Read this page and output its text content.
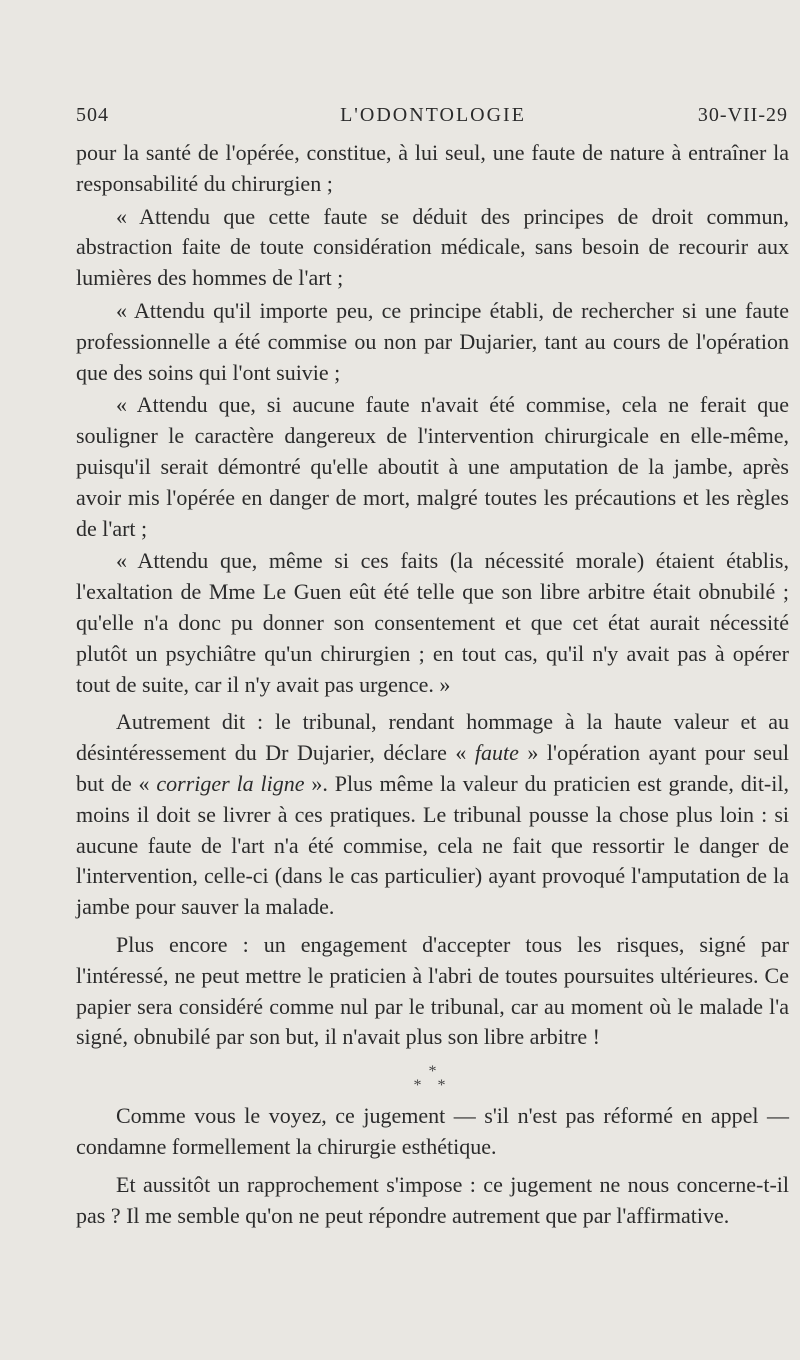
504	L'ODONTOLOGIE	30-VII-29

pour la santé de l'opérée, constitue, à lui seul, une faute de nature à entraîner la responsabilité du chirurgien ;

« Attendu que cette faute se déduit des principes de droit commun, abstraction faite de toute considération médicale, sans besoin de recourir aux lumières des hommes de l'art ;

« Attendu qu'il importe peu, ce principe établi, de rechercher si une faute professionnelle a été commise ou non par Dujarier, tant au cours de l'opération que des soins qui l'ont suivie ;

« Attendu que, si aucune faute n'avait été commise, cela ne ferait que souligner le caractère dangereux de l'intervention chirurgicale en elle-même, puisqu'il serait démontré qu'elle aboutit à une amputation de la jambe, après avoir mis l'opérée en danger de mort, malgré toutes les précautions et les règles de l'art ;

« Attendu que, même si ces faits (la nécessité morale) étaient établis, l'exaltation de Mme Le Guen eût été telle que son libre arbitre était obnubilé ; qu'elle n'a donc pu donner son consentement et que cet état aurait nécessité plutôt un psychiâtre qu'un chirurgien ; en tout cas, qu'il n'y avait pas à opérer tout de suite, car il n'y avait pas urgence. »

Autrement dit : le tribunal, rendant hommage à la haute valeur et au désintéressement du Dr Dujarier, déclare « faute » l'opération ayant pour seul but de « corriger la ligne ». Plus même la valeur du praticien est grande, dit-il, moins il doit se livrer à ces pratiques. Le tribunal pousse la chose plus loin : si aucune faute de l'art n'a été commise, cela ne fait que ressortir le danger de l'intervention, celle-ci (dans le cas particulier) ayant provoqué l'amputation de la jambe pour sauver la malade.

Plus encore : un engagement d'accepter tous les risques, signé par l'intéressé, ne peut mettre le praticien à l'abri de toutes poursuites ultérieures. Ce papier sera considéré comme nul par le tribunal, car au moment où le malade l'a signé, obnubilé par son but, il n'avait plus son libre arbitre !

*
* *

Comme vous le voyez, ce jugement — s'il n'est pas réformé en appel — condamne formellement la chirurgie esthétique.

Et aussitôt un rapprochement s'impose : ce jugement ne nous concerne-t-il pas ? Il me semble qu'on ne peut répondre autrement que par l'affirmative.
